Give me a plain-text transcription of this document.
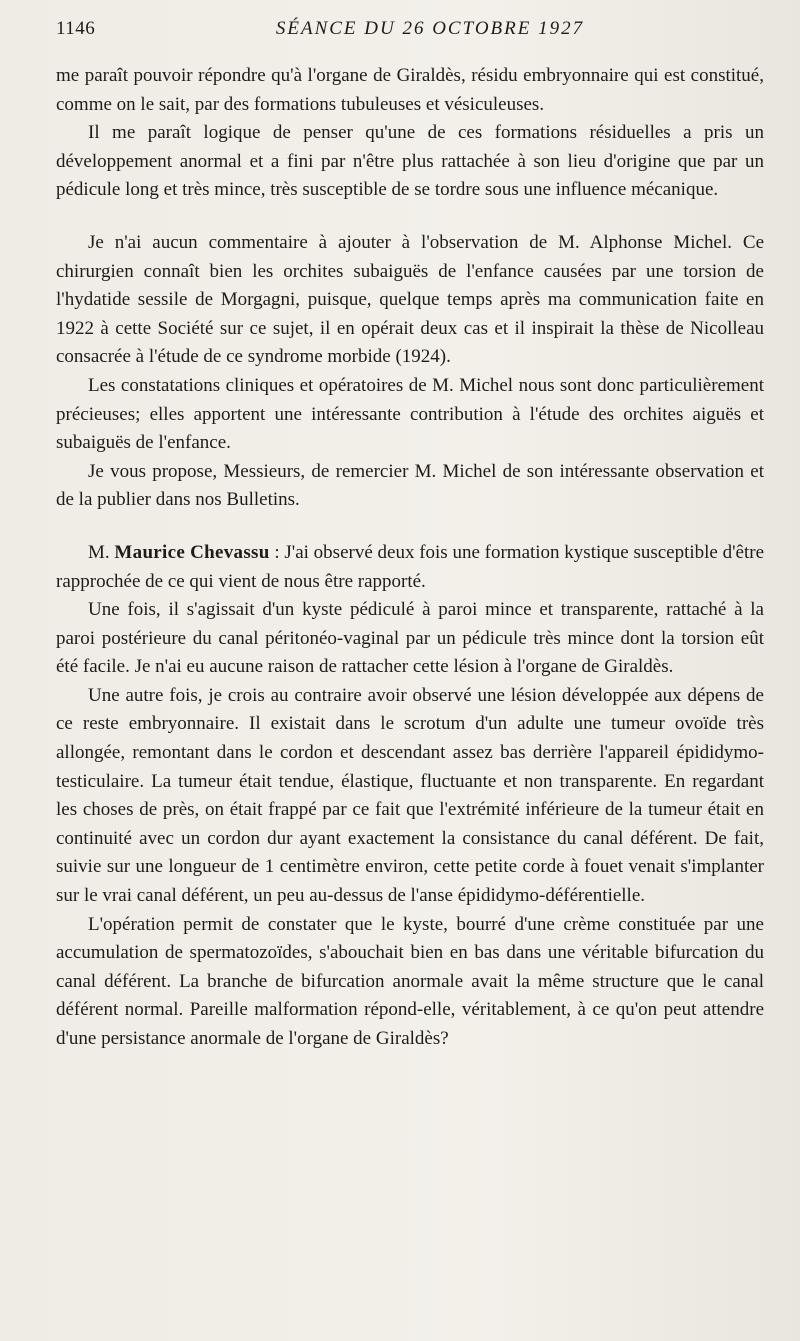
1146	SÉANCE DU 26 OCTOBRE 1927

me paraît pouvoir répondre qu'à l'organe de Giraldès, résidu embryonnaire qui est constitué, comme on le sait, par des formations tubuleuses et vésiculeuses.

Il me paraît logique de penser qu'une de ces formations résiduelles a pris un développement anormal et a fini par n'être plus rattachée à son lieu d'origine que par un pédicule long et très mince, très susceptible de se tordre sous une influence mécanique.

Je n'ai aucun commentaire à ajouter à l'observation de M. Alphonse Michel. Ce chirurgien connaît bien les orchites subaiguës de l'enfance causées par une torsion de l'hydatide sessile de Morgagni, puisque, quelque temps après ma communication faite en 1922 à cette Société sur ce sujet, il en opérait deux cas et il inspirait la thèse de Nicolleau consacrée à l'étude de ce syndrome morbide (1924).

Les constatations cliniques et opératoires de M. Michel nous sont donc particulièrement précieuses; elles apportent une intéressante contribution à l'étude des orchites aiguës et subaiguës de l'enfance.

Je vous propose, Messieurs, de remercier M. Michel de son intéressante observation et de la publier dans nos Bulletins.

M. Maurice Chevassu : J'ai observé deux fois une formation kystique susceptible d'être rapprochée de ce qui vient de nous être rapporté.

Une fois, il s'agissait d'un kyste pédiculé à paroi mince et transparente, rattaché à la paroi postérieure du canal péritonéo-vaginal par un pédicule très mince dont la torsion eût été facile. Je n'ai eu aucune raison de rattacher cette lésion à l'organe de Giraldès.

Une autre fois, je crois au contraire avoir observé une lésion développée aux dépens de ce reste embryonnaire. Il existait dans le scrotum d'un adulte une tumeur ovoïde très allongée, remontant dans le cordon et descendant assez bas derrière l'appareil épididymo-testiculaire. La tumeur était tendue, élastique, fluctuante et non transparente. En regardant les choses de près, on était frappé par ce fait que l'extrémité inférieure de la tumeur était en continuité avec un cordon dur ayant exactement la consistance du canal déférent. De fait, suivie sur une longueur de 1 centimètre environ, cette petite corde à fouet venait s'implanter sur le vrai canal déférent, un peu au-dessus de l'anse épididymo-déférentielle.

L'opération permit de constater que le kyste, bourré d'une crème constituée par une accumulation de spermatozoïdes, s'abouchait bien en bas dans une véritable bifurcation du canal déférent. La branche de bifurcation anormale avait la même structure que le canal déférent normal. Pareille malformation répond-elle, véritablement, à ce qu'on peut attendre d'une persistance anormale de l'organe de Giraldès?
